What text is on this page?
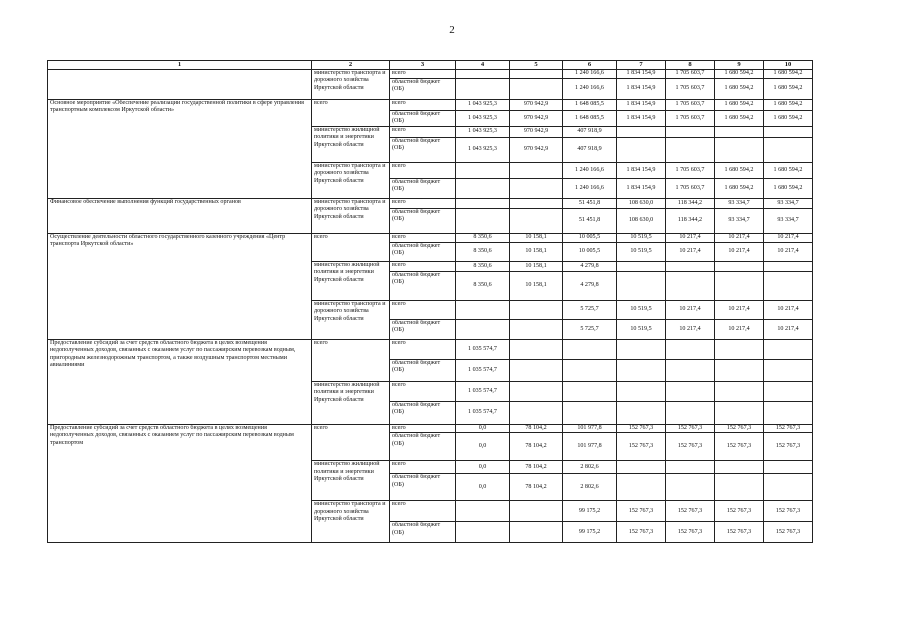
2
1	2	3	4	5	6	7	8	9	10
	министерство транспорта и дорожного хозяйства Иркутской области	всего			1 240 166,6	1 834 154,9	1 705 603,7	1 680 594,2	1 680 594,2
		областной бюджет (ОБ)			1 240 166,6	1 834 154,9	1 705 603,7	1 680 594,2	1 680 594,2
Основное мероприятие «Обеспечение реализации государственной политики в сфере управления транспортным комплексом Иркутской области»	всего	всего	1 043 925,3	970 942,9	1 648 085,5	1 834 154,9	1 705 603,7	1 680 594,2	1 680 594,2
		областной бюджет (ОБ)	1 043 925,3	970 942,9	1 648 085,5	1 834 154,9	1 705 603,7	1 680 594,2	1 680 594,2
	министерство жилищной политики и энергетики Иркутской области	всего	1 043 925,3	970 942,9	407 918,9				
		областной бюджет (ОБ)	1 043 925,3	970 942,9	407 918,9				
	министерство транспорта и дорожного хозяйства Иркутской области	всего			1 240 166,6	1 834 154,9	1 705 603,7	1 680 594,2	1 680 594,2
		областной бюджет (ОБ)			1 240 166,6	1 834 154,9	1 705 603,7	1 680 594,2	1 680 594,2
Финансовое обеспечение выполнения функций государственных органов	министерство транспорта и дорожного хозяйства Иркутской области	всего			51 451,8	108 630,0	118 344,2	93 334,7	93 334,7
		областной бюджет (ОБ)			51 451,8	108 630,0	118 344,2	93 334,7	93 334,7
Осуществление деятельности областного государственного казенного учреждения «Центр транспорта Иркутской области»	всего	всего	8 350,6	10 158,1	10 005,5	10 519,5	10 217,4	10 217,4	10 217,4
		областной бюджет (ОБ)	8 350,6	10 158,1	10 005,5	10 519,5	10 217,4	10 217,4	10 217,4
	министерство жилищной политики и энергетики Иркутской области	всего	8 350,6	10 158,1	4 279,8				
		областной бюджет (ОБ)	8 350,6	10 158,1	4 279,8				
	министерство транспорта и дорожного хозяйства Иркутской области	всего			5 725,7	10 519,5	10 217,4	10 217,4	10 217,4
		областной бюджет (ОБ)			5 725,7	10 519,5	10 217,4	10 217,4	10 217,4
Предоставление субсидий за счет средств областного бюджета в целях возмещения недополученных доходов, связанных с оказанием услуг по пассажирским перевозкам водным, пригородным железнодорожным транспортом, а также воздушным транспортом местными авиалиниями	всего	всего	1 035 574,7						
		областной бюджет (ОБ)	1 035 574,7						
	министерство жилищной политики и энергетики Иркутской области	всего	1 035 574,7						
		областной бюджет (ОБ)	1 035 574,7						
Предоставление субсидий за счет средств областного бюджета в целях возмещения недополученных доходов, связанных с оказанием услуг по пассажирским перевозкам водным транспортом	всего	всего	0,0	78 104,2	101 977,8	152 767,3	152 767,3	152 767,3	152 767,3
		областной бюджет (ОБ)	0,0	78 104,2	101 977,8	152 767,3	152 767,3	152 767,3	152 767,3
	министерство жилищной политики и энергетики Иркутской области	всего	0,0	78 104,2	2 802,6				
		областной бюджет (ОБ)	0,0	78 104,2	2 802,6				
	министерство транспорта и дорожного хозяйства Иркутской области	всего			99 175,2	152 767,3	152 767,3	152 767,3	152 767,3
		областной бюджет (ОБ)			99 175,2	152 767,3	152 767,3	152 767,3	152 767,3
